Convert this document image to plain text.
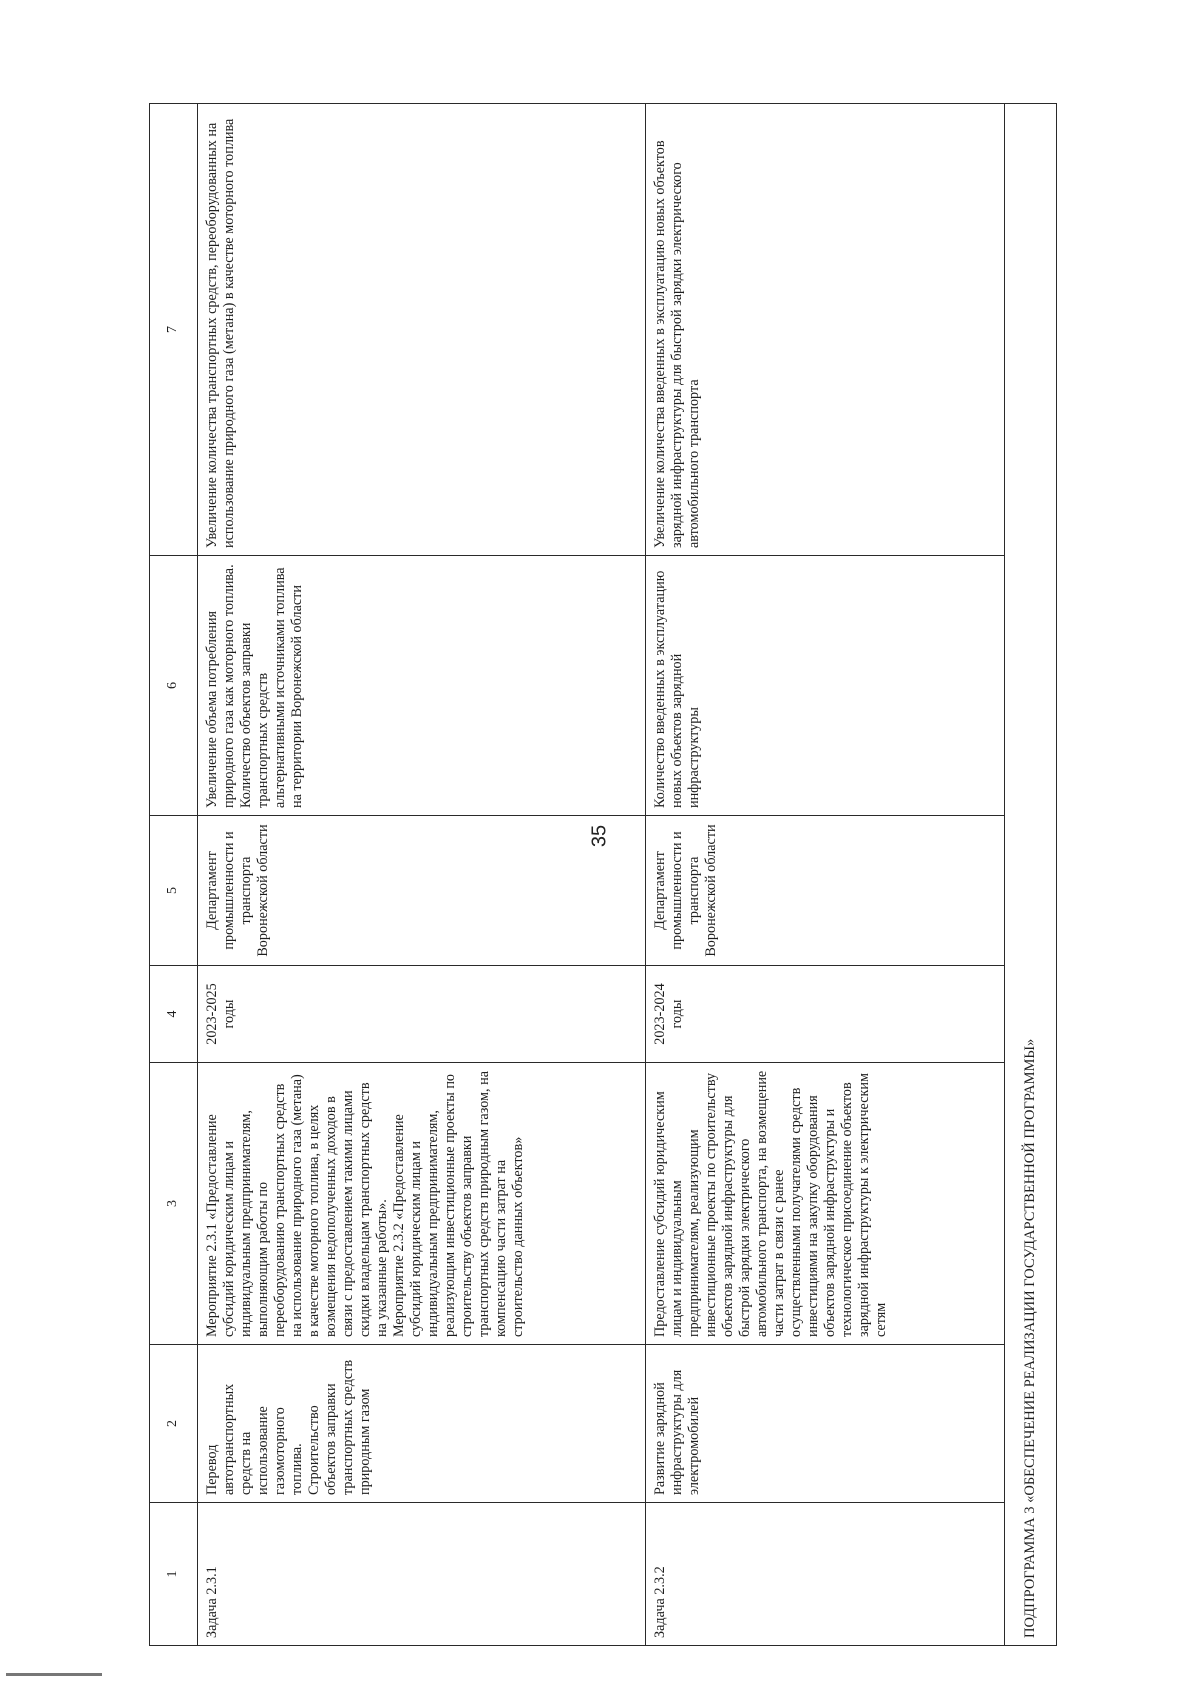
35
1	2	3	4	5	6	7
Задача 2.3.1	Перевод автотранспортных средств на использование газомоторного топлива. Строительство объектов заправки транспортных средств природным газом	Мероприятие 2.3.1 «Предоставление субсидий юридическим лицам и индивидуальным предпринимателям, выполняющим работы по переоборудованию транспортных средств на использование природного газа (метана) в качестве моторного топлива, в целях возмещения недополученных доходов в связи с предоставлением такими лицами скидки владельцам транспортных средств на указанные работы». Мероприятие 2.3.2 «Предоставление субсидий юридическим лицам и индивидуальным предпринимателям, реализующим инвестиционные проекты по строительству объектов заправки транспортных средств природным газом, на компенсацию части затрат на строительство данных объектов»	2023-2025 годы	Департамент промышленности и транспорта Воронежской области	Увеличение объема потребления природного газа как моторного топлива. Количество объектов заправки транспортных средств альтернативными источниками топлива на территории Воронежской области	Увеличение количества транспортных средств, переоборудованных на использование природного газа (метана) в качестве моторного топлива
Задача 2.3.2	Развитие зарядной инфраструктуры для электромобилей	Предоставление субсидий юридическим лицам и индивидуальным предпринимателям, реализующим инвестиционные проекты по строительству объектов зарядной инфраструктуры для быстрой зарядки электрического автомобильного транспорта, на возмещение части затрат в связи с ранее осуществленными получателями средств инвестициями на закупку оборудования объектов зарядной инфраструктуры и технологическое присоединение объектов зарядной инфраструктуры к электрическим сетям	2023-2024 годы	Департамент промышленности и транспорта Воронежской области	Количество введенных в эксплуатацию новых объектов зарядной инфраструктуры	Увеличение количества введенных в эксплуатацию новых объектов зарядной инфраструктуры для быстрой зарядки электрического автомобильного транспорта
ПОДПРОГРАММА 3 «ОБЕСПЕЧЕНИЕ РЕАЛИЗАЦИИ ГОСУДАРСТВЕННОЙ ПРОГРАММЫ»						
